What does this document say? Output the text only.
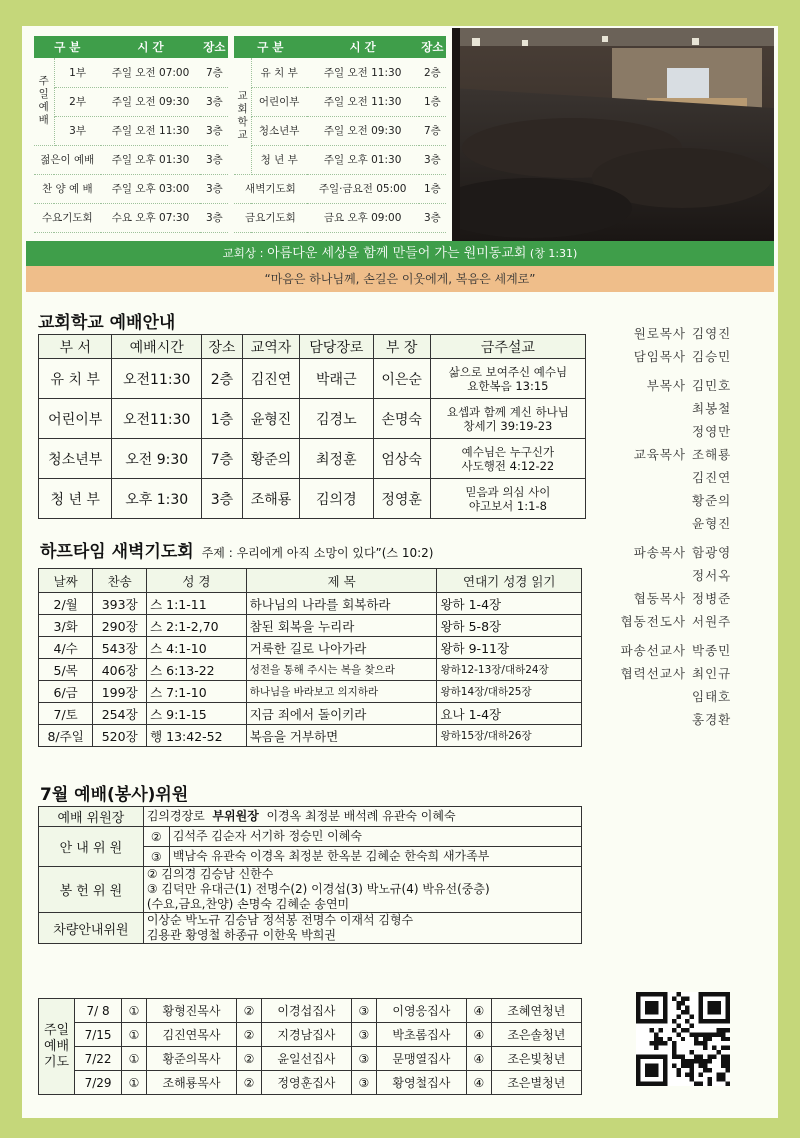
구 분		시 간	장소	구 분		시 간	장소
주일예배	1부	주일 오전 07:00	7층	교회학교	유 치 부	주일 오전 11:30	2층
	2부	주일 오전 09:30	3층		어린이부	주일 오전 11:30	1층
	3부	주일 오전 11:30	3층		청소년부	주일 오전 09:30	7층
젊은이 예배		주일 오후 01:30	3층		청 년 부	주일 오후 01:30	3층
찬 양 예 배		주일 오후 03:00	3층	새벽기도회		주일·금요전 05:00	1층
수요기도회		수요 오후 07:30	3층	금요기도회		금요 오후 09:00	3층
교회상 : 아름다운 세상을 함께 만들어 가는 원미동교회 (창 1:31)
“마음은 하나님께, 손길은 이웃에게, 복음은 세계로”
교회학교 예배안내
부 서	예배시간	장소	교역자	담당장로	부 장	금주설교
유 치 부	오전11:30	2층	김진연	박래근	이은순	삶으로 보여주신 예수님
요한복음 13:15

어린이부	오전11:30	1층	윤형진	김경노	손명숙	요셉과 함께 계신 하나님
창세기 39:19-23

청소년부	오전 9:30	7층	황준의	최정훈	엄상숙	예수님은 누구신가
사도행전 4:12-22

청 년 부	오후 1:30	3층	조해룡	김의경	정영훈	믿음과 의심 사이
야고보서 1:1-8
하프타임 새벽기도회 주제 : 우리에게 아직 소망이 있다”(스 10:2)
날짜	찬송	성 경	제 목	연대기 성경 읽기
2/월	393장	스 1:1-11	하나님의 나라를 회복하라	왕하 1-4장
3/화	290장	스 2:1-2,70	참된 회복을 누리라	왕하 5-8장
4/수	543장	스 4:1-10	거룩한 길로 나아가라	왕하 9-11장
5/목	406장	스 6:13-22	성전을 통해 주시는 복을 찾으라	왕하12-13장/대하24장
6/금	199장	스 7:1-10	하나님을 바라보고 의지하라	왕하14장/대하25장
7/토	254장	스 9:1-15	지금 죄에서 돌이키라	요나 1-4장
8/주일	520장	행 13:42-52	복음을 거부하면	왕하15장/대하26장
7월 예배(봉사)위원
예배 위원장	김의경장로 부위원장 이경옥 최정분 배석례 유관숙 이혜숙	
안 내 위 원	②	김석주 김순자 서기하 정승민 이혜숙
	③	백남숙 유관숙 이경옥 최정분 한옥분 김혜순 한숙희 새가족부
봉 헌 위 원	② 김의경 김승남 신한수
③ 김덕만 유대근(1) 전명수(2) 이경섭(3) 박노규(4) 박유선(중층)
(수요,금요,찬양) 손명숙 김혜순 송연미	

차량안내위원	이상순 박노규 김승남 정석봉 전명수 이재석 김형수
김용관 황영철 하종규 이한욱 박희권	
주일예배기도	7/ 8	①	황형진목사	②	이경섭집사	③	이영응집사	④	조혜연청년
	7/15	①	김진연목사	②	지경남집사	③	박초롬집사	④	조은솔청년
	7/22	①	황준의목사	②	윤일선집사	③	문맹열집사	④	조은빛청년
	7/29	①	조해룡목사	②	정영훈집사	③	황영철집사	④	조은별청년
원로목사 김영진
담임목사 김승민
부목사 김민호
최봉철
정영만
교육목사 조해룡
김진연
황준의
윤형진
파송목사 함광영
정서옥
협동목사 정병준
협동전도사 서원주
파송선교사 박종민
협력선교사 최인규
임태호
홍경환
